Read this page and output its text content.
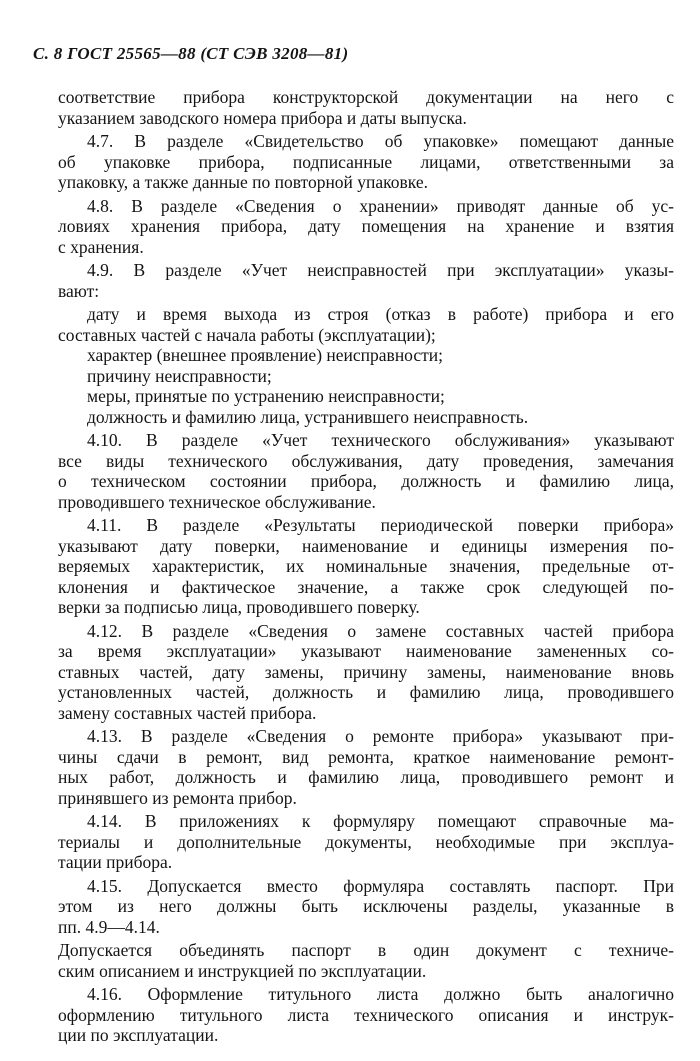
С. 8 ГОСТ 25565—88 (СТ СЭВ 3208—81)
соответствие прибора конструкторской документации на него с
указанием заводского номера прибора и даты выпуска.
4.7. В разделе «Свидетельство об упаковке» помещают данные
об упаковке прибора, подписанные лицами, ответственными за
упаковку, а также данные по повторной упаковке.
4.8. В разделе «Сведения о хранении» приводят данные об ус-
ловиях хранения прибора, дату помещения на хранение и взятия
с хранения.
4.9. В разделе «Учет неисправностей при эксплуатации» указы-
вают:
дату и время выхода из строя (отказ в работе) прибора и его
составных частей с начала работы (эксплуатации);
характер (внешнее проявление) неисправности;
причину неисправности;
меры, принятые по устранению неисправности;
должность и фамилию лица, устранившего неисправность.
4.10. В разделе «Учет технического обслуживания» указывают
все виды технического обслуживания, дату проведения, замечания
о техническом состоянии прибора, должность и фамилию лица,
проводившего техническое обслуживание.
4.11. В разделе «Результаты периодической поверки прибора»
указывают дату поверки, наименование и единицы измерения по-
веряемых характеристик, их номинальные значения, предельные от-
клонения и фактическое значение, а также срок следующей по-
верки за подписью лица, проводившего поверку.
4.12. В разделе «Сведения о замене составных частей прибора
за время эксплуатации» указывают наименование замененных со-
ставных частей, дату замены, причину замены, наименование вновь
установленных частей, должность и фамилию лица, проводившего
замену составных частей прибора.
4.13. В разделе «Сведения о ремонте прибора» указывают при-
чины сдачи в ремонт, вид ремонта, краткое наименование ремонт-
ных работ, должность и фамилию лица, проводившего ремонт и
принявшего из ремонта прибор.
4.14. В приложениях к формуляру помещают справочные ма-
териалы и дополнительные документы, необходимые при эксплуа-
тации прибора.
4.15. Допускается вместо формуляра составлять паспорт. При
этом из него должны быть исключены разделы, указанные в
пп. 4.9—4.14.
Допускается объединять паспорт в один документ с техниче-
ским описанием и инструкцией по эксплуатации.
4.16. Оформление титульного листа должно быть аналогично
оформлению титульного листа технического описания и инструк-
ции по эксплуатации.
